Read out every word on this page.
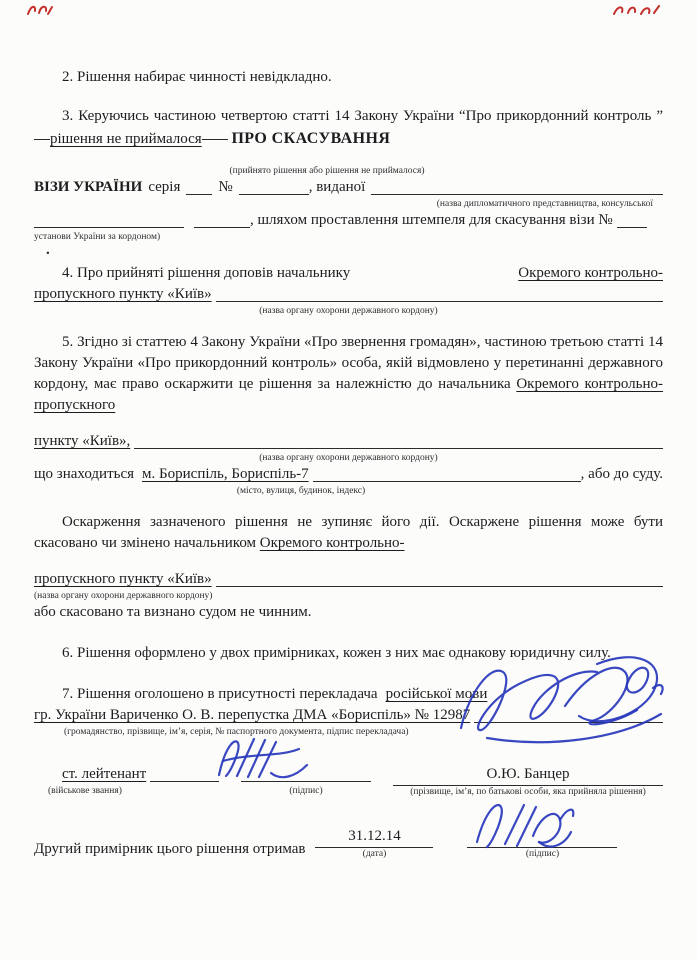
2. Рішення набирає чинності невідкладно.

3. Керуючись частиною четвертою статті 14 Закону України “Про прикордонний контроль ” рішення не приймалося ПРО СКАСУВАННЯ

(прийнято рішення або рішення не приймалося)
ВІЗИ УКРАЇНИ серія	№	, виданої
(назва дипломатичного представництва, консульської
, шляхом проставлення штемпеля для скасування візи №
установи України за кордоном)
.
4. Про прийняті рішення доповів начальнику	Окремого контрольно-
пропускного пункту «Київ»
(назва органу охорони державного кордону)

5. Згідно зі статтею 4 Закону України «Про звернення громадян», частиною третьою статті 14 Закону України «Про прикордонний контроль» особа, якій відмовлено у перетинанні державного кордону, має право оскаржити це рішення за належністю до начальника Окремого контрольно-пропускного

пункту «Київ»,
(назва органу охорони державного кордону)
що знаходиться м. Бориспіль, Бориспіль-7	, або до суду.
(місто, вулиця, будинок, індекс)

Оскарження зазначеного рішення не зупиняє його дії. Оскаржене рішення може бути скасовано чи змінено начальником Окремого контрольно-

пропускного пункту «Київ»
(назва органу охорони державного кордону)
або скасовано та визнано судом не чинним.

6. Рішення оформлено у двох примірниках, кожен з них має однакову юридичну силу.

7. Рішення оголошено в присутності перекладача російської мови
гр. України Вариченко О. В. перепустка ДМА «Бориспіль» № 12987
(громадянство, прізвище, ім’я, серія, № паспортного документа, підпис перекладача)
ст. лейтенант
(військове звання)	(підпис)
О.Ю. Банцер
(прізвище, ім’я, по батькові особи, яка прийняла рішення)
Другий примірник цього рішення отримав
31.12.14
(дата)	(підпис)
